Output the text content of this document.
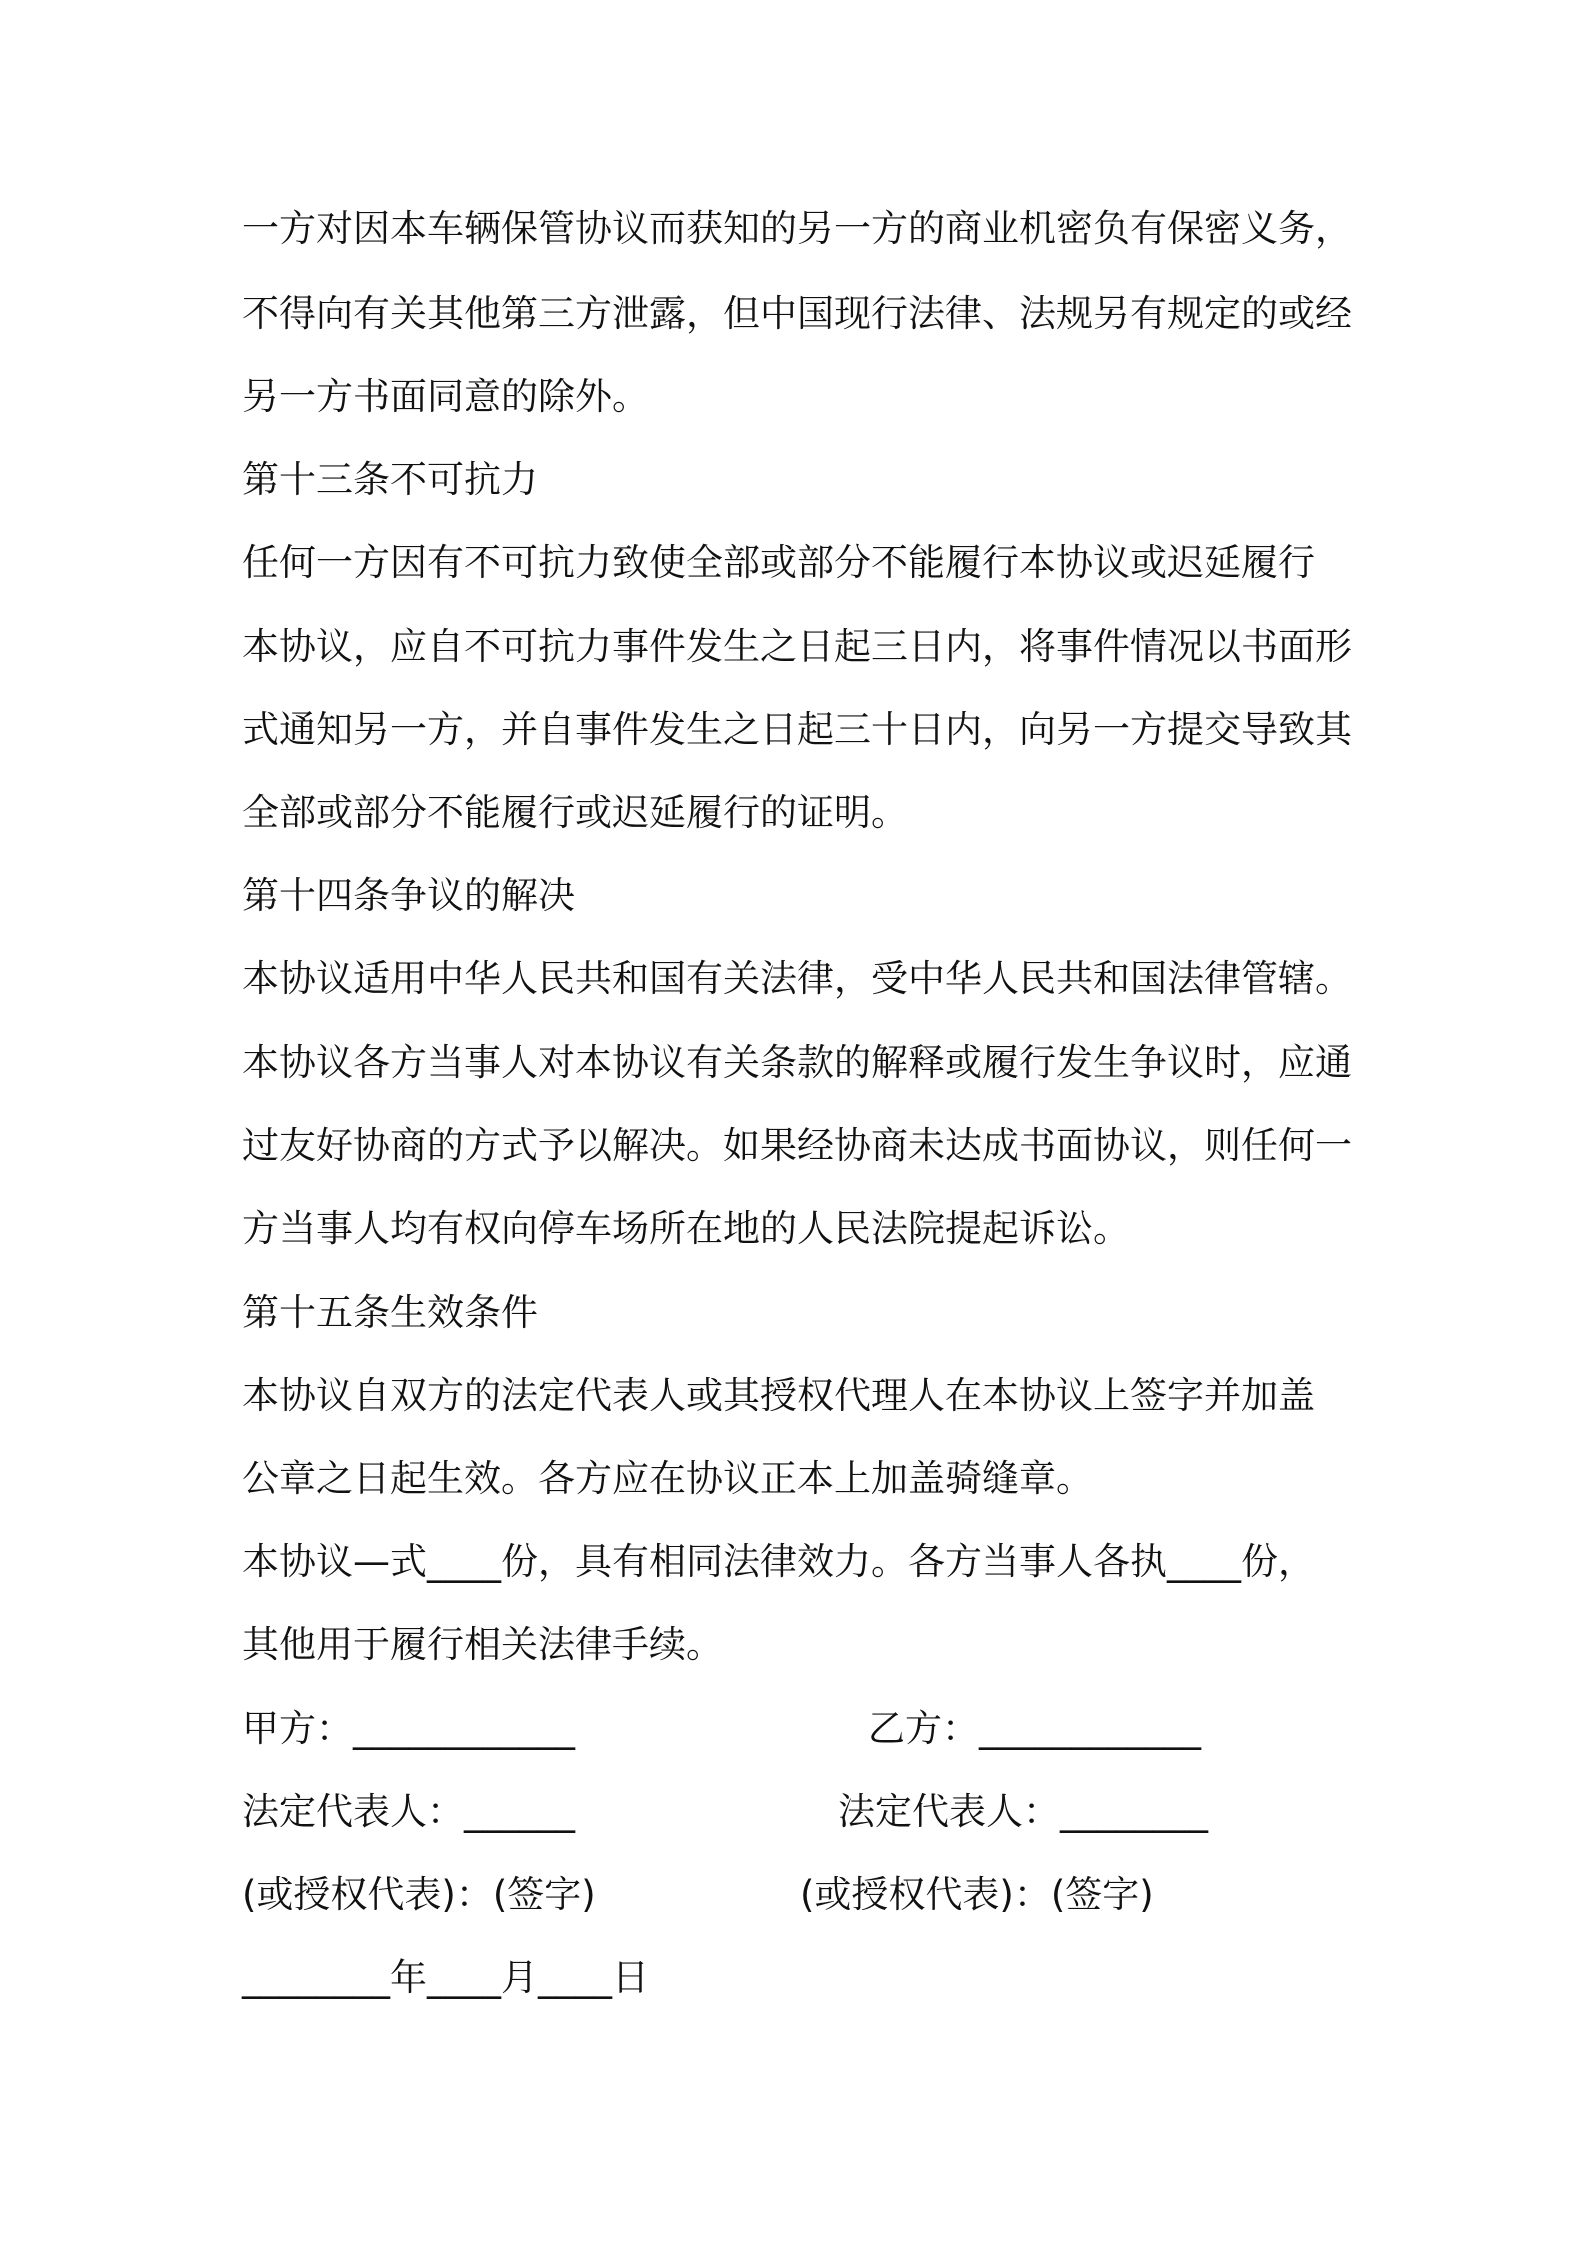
一方对因本车辆保管协议而获知的另一方的商业机密负有保密义务，
不得向有关其他第三方泄露，但中国现行法律、法规另有规定的或经
另一方书面同意的除外。
第十三条不可抗力
任何一方因有不可抗力致使全部或部分不能履行本协议或迟延履行
本协议，应自不可抗力事件发生之日起三日内，将事件情况以书面形
式通知另一方，并自事件发生之日起三十日内，向另一方提交导致其
全部或部分不能履行或迟延履行的证明。
第十四条争议的解决
本协议适用中华人民共和国有关法律，受中华人民共和国法律管辖。
本协议各方当事人对本协议有关条款的解释或履行发生争议时，应通
过友好协商的方式予以解决。如果经协商未达成书面协议，则任何一
方当事人均有权向停车场所在地的人民法院提起诉讼。
第十五条生效条件
本协议自双方的法定代表人或其授权代理人在本协议上签字并加盖
公章之日起生效。各方应在协议正本上加盖骑缝章。
本协议—式____份，具有相同法律效力。各方当事人各执____份，
其他用于履行相关法律手续。
甲方：____________	乙方：____________
法定代表人：______	法定代表人：________
(或授权代表)：(签字)	(或授权代表)：(签字)
________年____月____日
